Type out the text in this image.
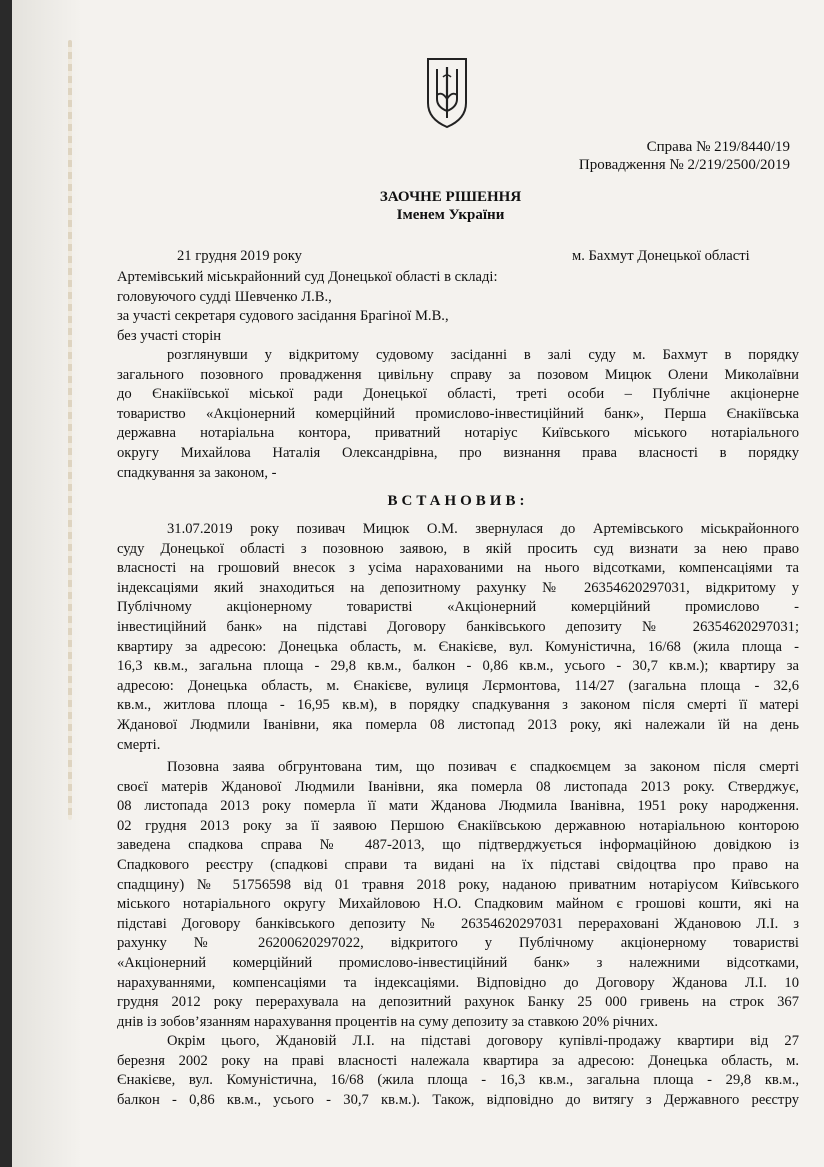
Справа № 219/8440/19
Провадження № 2/219/2500/2019
ЗАОЧНЕ РІШЕННЯ
Іменем України
21 грудня 2019 року	м. Бахмут Донецької області

Артемівський міськрайонний суд Донецької області в складі:

головуючого судді Шевченко Л.В.,

за участі секретаря судового засідання Брагіної М.В.,

без участі сторін

розглянувши у відкритому судовому засіданні в залі суду м. Бахмут в порядку

загального позовного провадження цивільну справу за позовом Мицюк Олени Миколаївни

до Єнакіївської міської ради Донецької області, треті особи – Публічне акціонерне

товариство «Акціонерний комерційний промислово-інвестиційний банк», Перша Єнакіївська

державна нотаріальна контора, приватний нотаріус Київського міського нотаріального

округу Михайлова Наталія Олександрівна, про визнання права власності в порядку

спадкування за законом, -

ВСТАНОВИВ:

31.07.2019 року позивач Мицюк О.М. звернулася до Артемівського міськрайонного

суду Донецької області з позовною заявою, в якій просить суд визнати за нею право

власності на грошовий внесок з усіма нарахованими на нього відсотками, компенсаціями та

індексаціями який знаходиться на депозитному рахунку № 26354620297031, відкритому у

Публічному акціонерному товаристві «Акціонерний комерційний промислово -

інвестиційний банк» на підставі Договору банківського депозиту № 26354620297031;

квартиру за адресою: Донецька область, м. Єнакієве, вул. Комуністична, 16/68 (жила площа -

16,3 кв.м., загальна площа - 29,8 кв.м., балкон - 0,86 кв.м., усього - 30,7 кв.м.); квартиру за

адресою: Донецька область, м. Єнакієве, вулиця Лєрмонтова, 114/27 (загальна площа - 32,6

кв.м., житлова площа - 16,95 кв.м), в порядку спадкування з законом після смерті її матері

Жданової Людмили Іванівни, яка померла 08 листопад 2013 року, які належали їй на день

смерті.

Позовна заява обгрунтована тим, що позивач є спадкоємцем за законом після смерті

своєї матерів Жданової Людмили Іванівни, яка померла 08 листопада 2013 року. Стверджує,

08 листопада 2013 року померла її мати Жданова Людмила Іванівна, 1951 року народження.

02 грудня 2013 року за її заявою Першою Єнакіївською державною нотаріальною конторою

заведена спадкова справа № 487-2013, що підтверджується інформаційною довідкою із

Спадкового реєстру (спадкові справи та видані на їх підставі свідоцтва про право на

спадщину) № 51756598 від 01 травня 2018 року, наданою приватним нотаріусом Київського

міського нотаріального округу Михайловою Н.О. Спадковим майном є грошові кошти, які на

підставі Договору банківського депозиту № 26354620297031 перераховані Ждановою Л.І. з

рахунку № 26200620297022, відкритого у Публічному акціонерному товаристві

«Акціонерний комерційний промислово-інвестиційний банк» з належними відсотками,

нарахуваннями, компенсаціями та індексаціями. Відповідно до Договору Жданова Л.І. 10

грудня 2012 року перерахувала на депозитний рахунок Банку 25 000 гривень на строк 367

днів із зобов’язанням нарахування процентів на суму депозиту за ставкою 20% річних.

Окрім цього, Ждановій Л.І. на підставі договору купівлі-продажу квартири від 27

березня 2002 року на праві власності належала квартира за адресою: Донецька область, м.

Єнакієве, вул. Комуністична, 16/68 (жила площа - 16,3 кв.м., загальна площа - 29,8 кв.м.,

балкон - 0,86 кв.м., усього - 30,7 кв.м.). Також, відповідно до витягу з Державного реєстру
